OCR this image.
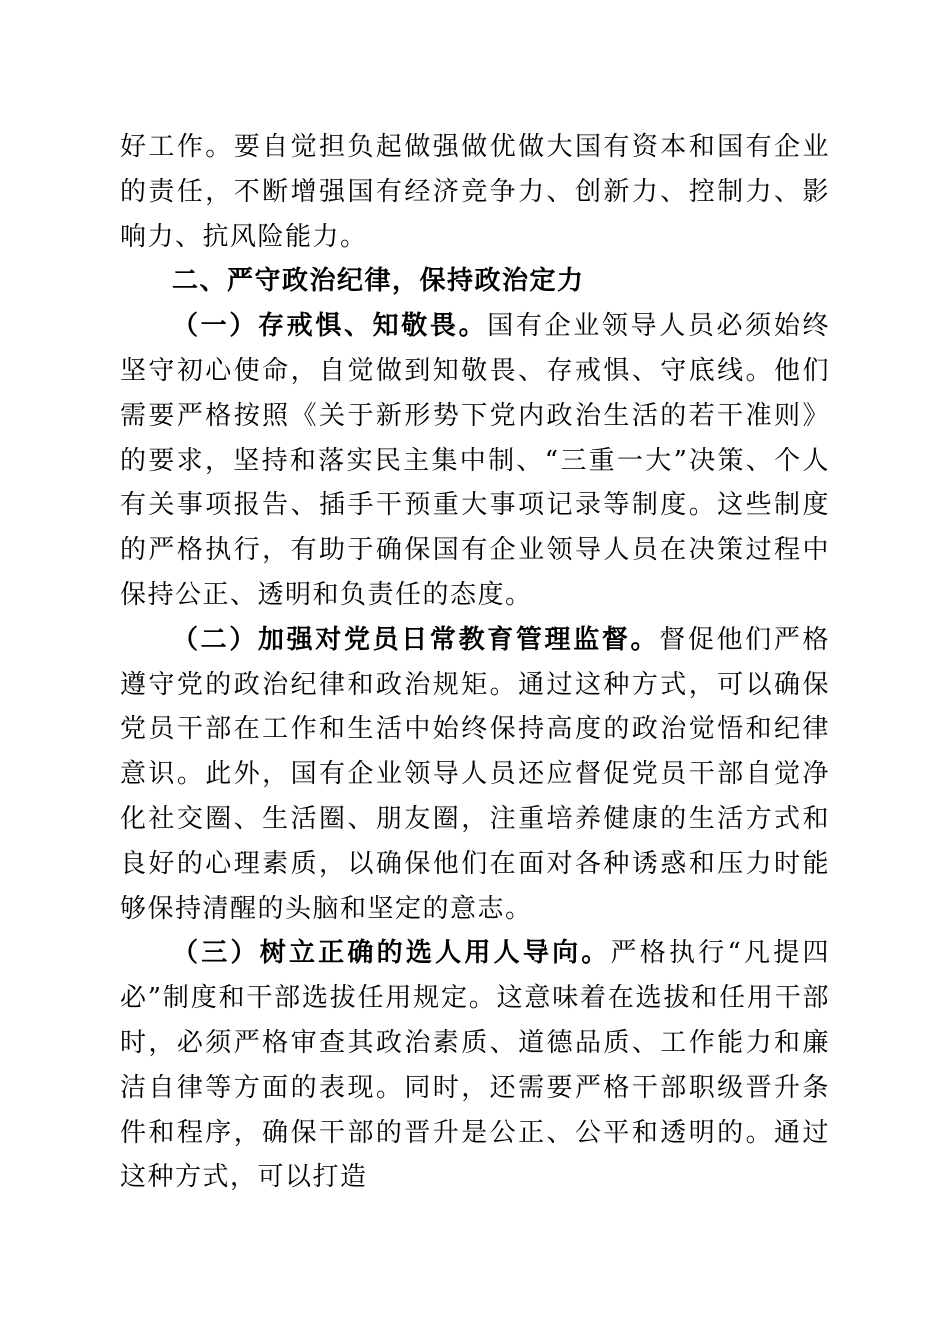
好工作。要自觉担负起做强做优做大国有资本和国有企业的责任，不断增强国有经济竞争力、创新力、控制力、影响力、抗风险能力。

二、严守政治纪律，保持政治定力

（一）存戒惧、知敬畏。国有企业领导人员必须始终坚守初心使命，自觉做到知敬畏、存戒惧、守底线。他们需要严格按照《关于新形势下党内政治生活的若干准则》的要求，坚持和落实民主集中制、“三重一大”决策、个人有关事项报告、插手干预重大事项记录等制度。这些制度的严格执行，有助于确保国有企业领导人员在决策过程中保持公正、透明和负责任的态度。

（二）加强对党员日常教育管理监督。督促他们严格遵守党的政治纪律和政治规矩。通过这种方式，可以确保党员干部在工作和生活中始终保持高度的政治觉悟和纪律意识。此外，国有企业领导人员还应督促党员干部自觉净化社交圈、生活圈、朋友圈，注重培养健康的生活方式和良好的心理素质，以确保他们在面对各种诱惑和压力时能够保持清醒的头脑和坚定的意志。

（三）树立正确的选人用人导向。严格执行“凡提四必”制度和干部选拔任用规定。这意味着在选拔和任用干部时，必须严格审查其政治素质、道德品质、工作能力和廉洁自律等方面的表现。同时，还需要严格干部职级晋升条件和程序，确保干部的晋升是公正、公平和透明的。通过这种方式，可以打造
